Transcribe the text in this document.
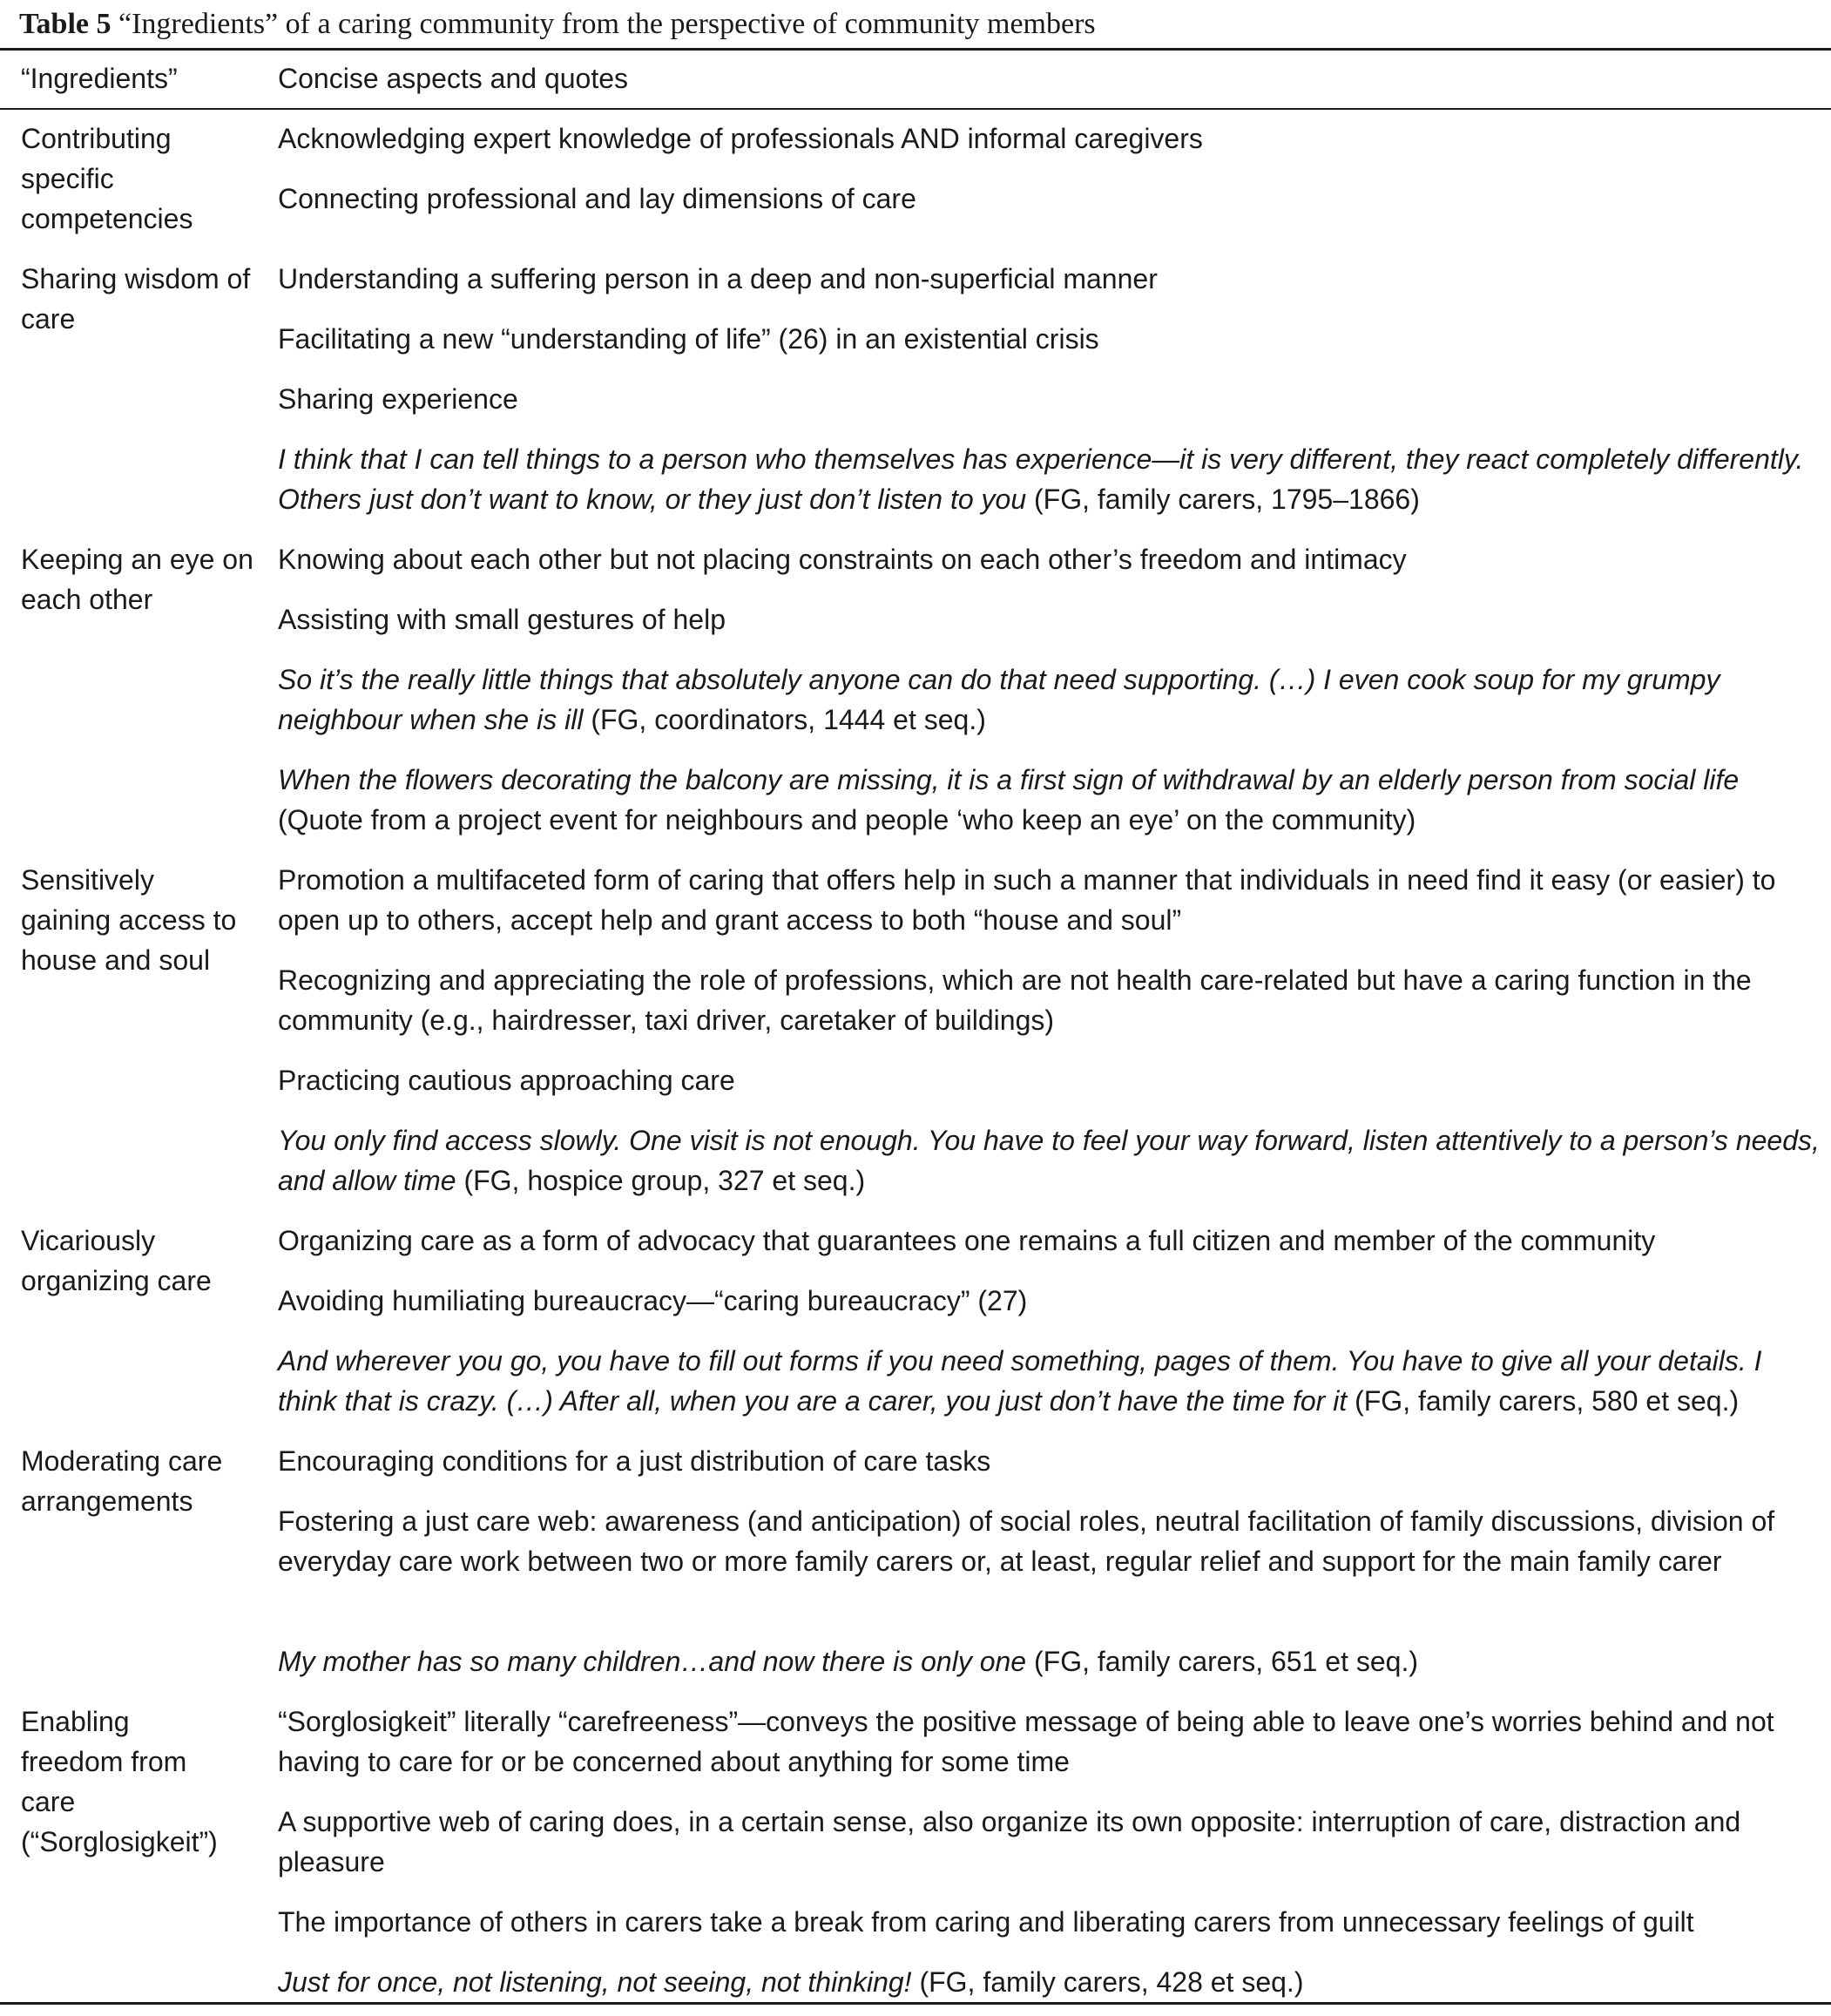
Table 5 “Ingredients” of a caring community from the perspective of community members
“Ingredients”	Concise aspects and quotes
Contributing specific competencies
Acknowledging expert knowledge of professionals AND informal caregivers
Connecting professional and lay dimensions of care
Sharing wisdom of care
Understanding a suffering person in a deep and non-superficial manner
Facilitating a new “understanding of life” (26) in an existential crisis
Sharing experience
I think that I can tell things to a person who themselves has experience—it is very different, they react completely differently. Others just don’t want to know, or they just don’t listen to you (FG, family carers, 1795–1866)
Keeping an eye on each other
Knowing about each other but not placing constraints on each other’s freedom and intimacy
Assisting with small gestures of help
So it’s the really little things that absolutely anyone can do that need supporting. (…) I even cook soup for my grumpy neighbour when she is ill (FG, coordinators, 1444 et seq.)
When the flowers decorating the balcony are missing, it is a first sign of withdrawal by an elderly person from social life (Quote from a project event for neighbours and people ‘who keep an eye’ on the community)
Sensitively gaining access to house and soul
Promotion a multifaceted form of caring that offers help in such a manner that individuals in need find it easy (or easier) to open up to others, accept help and grant access to both “house and soul”
Recognizing and appreciating the role of professions, which are not health care-related but have a caring function in the community (e.g., hairdresser, taxi driver, caretaker of buildings)
Practicing cautious approaching care
You only find access slowly. One visit is not enough. You have to feel your way forward, listen attentively to a person’s needs, and allow time (FG, hospice group, 327 et seq.)
Vicariously organizing care
Organizing care as a form of advocacy that guarantees one remains a full citizen and member of the community
Avoiding humiliating bureaucracy—“caring bureaucracy” (27)
And wherever you go, you have to fill out forms if you need something, pages of them. You have to give all your details. I think that is crazy. (…) After all, when you are a carer, you just don’t have the time for it (FG, family carers, 580 et seq.)
Moderating care arrangements
Encouraging conditions for a just distribution of care tasks
Fostering a just care web: awareness (and anticipation) of social roles, neutral facilitation of family discussions, division of everyday care work between two or more family carers or, at least, regular relief and support for the main family carer
My mother has so many children…and now there is only one (FG, family carers, 651 et seq.)
Enabling freedom from care (“Sorglosigkeit”)
“Sorglosigkeit” literally “carefreeness”—conveys the positive message of being able to leave one’s worries behind and not having to care for or be concerned about anything for some time
A supportive web of caring does, in a certain sense, also organize its own opposite: interruption of care, distraction and pleasure
The importance of others in carers take a break from caring and liberating carers from unnecessary feelings of guilt
Just for once, not listening, not seeing, not thinking! (FG, family carers, 428 et seq.)
